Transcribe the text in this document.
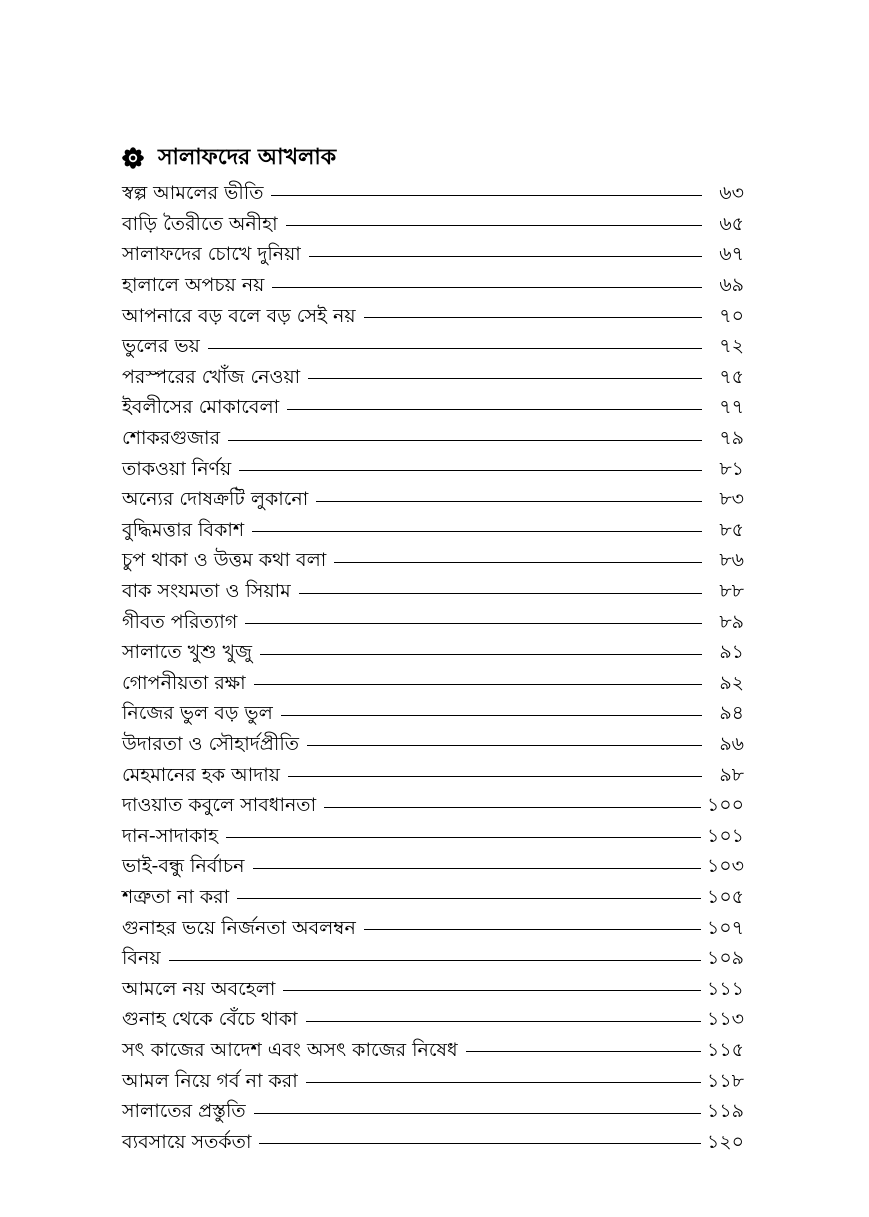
সালাফদের আখলাক
স্বল্প আমলের ভীতি	৬৩
বাড়ি তৈরীতে অনীহা	৬৫
সালাফদের চোখে দুনিয়া	৬৭
হালালে অপচয় নয়	৬৯
আপনারে বড় বলে বড় সেই নয়	৭০
ভুলের ভয়	৭২
পরস্পরের খোঁজ নেওয়া	৭৫
ইবলীসের মোকাবেলা	৭৭
শোকরগুজার	৭৯
তাকওয়া নির্ণয়	৮১
অন্যের দোষক্রটি লুকানো	৮৩
বুদ্ধিমত্তার বিকাশ	৮৫
চুপ থাকা ও উত্তম কথা বলা	৮৬
বাক সংযমতা ও সিয়াম	৮৮
গীবত পরিত্যাগ	৮৯
সালাতে খুশু খুজু	৯১
গোপনীয়তা রক্ষা	৯২
নিজের ভুল বড় ভুল	৯৪
উদারতা ও সৌহার্দপ্রীতি	৯৬
মেহমানের হক আদায়	৯৮
দাওয়াত কবুলে সাবধানতা	১০০
দান-সাদাকাহ	১০১
ভাই-বন্ধু নির্বাচন	১০৩
শত্রুতা না করা	১০৫
গুনাহর ভয়ে নির্জনতা অবলম্বন	১০৭
বিনয়	১০৯
আমলে নয় অবহেলা	১১১
গুনাহ থেকে বেঁচে থাকা	১১৩
সৎ কাজের আদেশ এবং অসৎ কাজের নিষেধ	১১৫
আমল নিয়ে গর্ব না করা	১১৮
সালাতের প্রস্তুতি	১১৯
ব্যবসায়ে সতর্কতা	১২০
